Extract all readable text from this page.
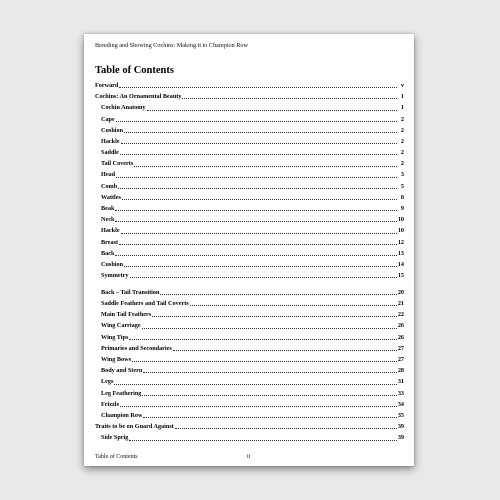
Breeding and Showing Cochins: Making it to Champion Row
Table of Contents
Forward	v
Cochins: An Ornamental Beauty	1
Cochin Anatomy	1
Cape	2
Cushion	2
Hackle	2
Saddle	2
Tail Coverts	2
Head	3
Comb	5
Wattles	8
Beak	9
Neck	10
Hackle	10
Breast	12
Back	13
Cushion	14
Symmetry	15
Back – Tail Transition	20
Saddle Feathers and Tail Coverts	21
Main Tail Feathers	22
Wing Carriage	26
Wing Tips	26
Primaries and Secondaries	27
Wing Bows	27
Body and Stern	28
Legs	31
Leg Feathering	33
Frizzle	34
Champion Row	35
Traits to be on Guard Against	39
Side Sprig	39
Table of Contents	ii
